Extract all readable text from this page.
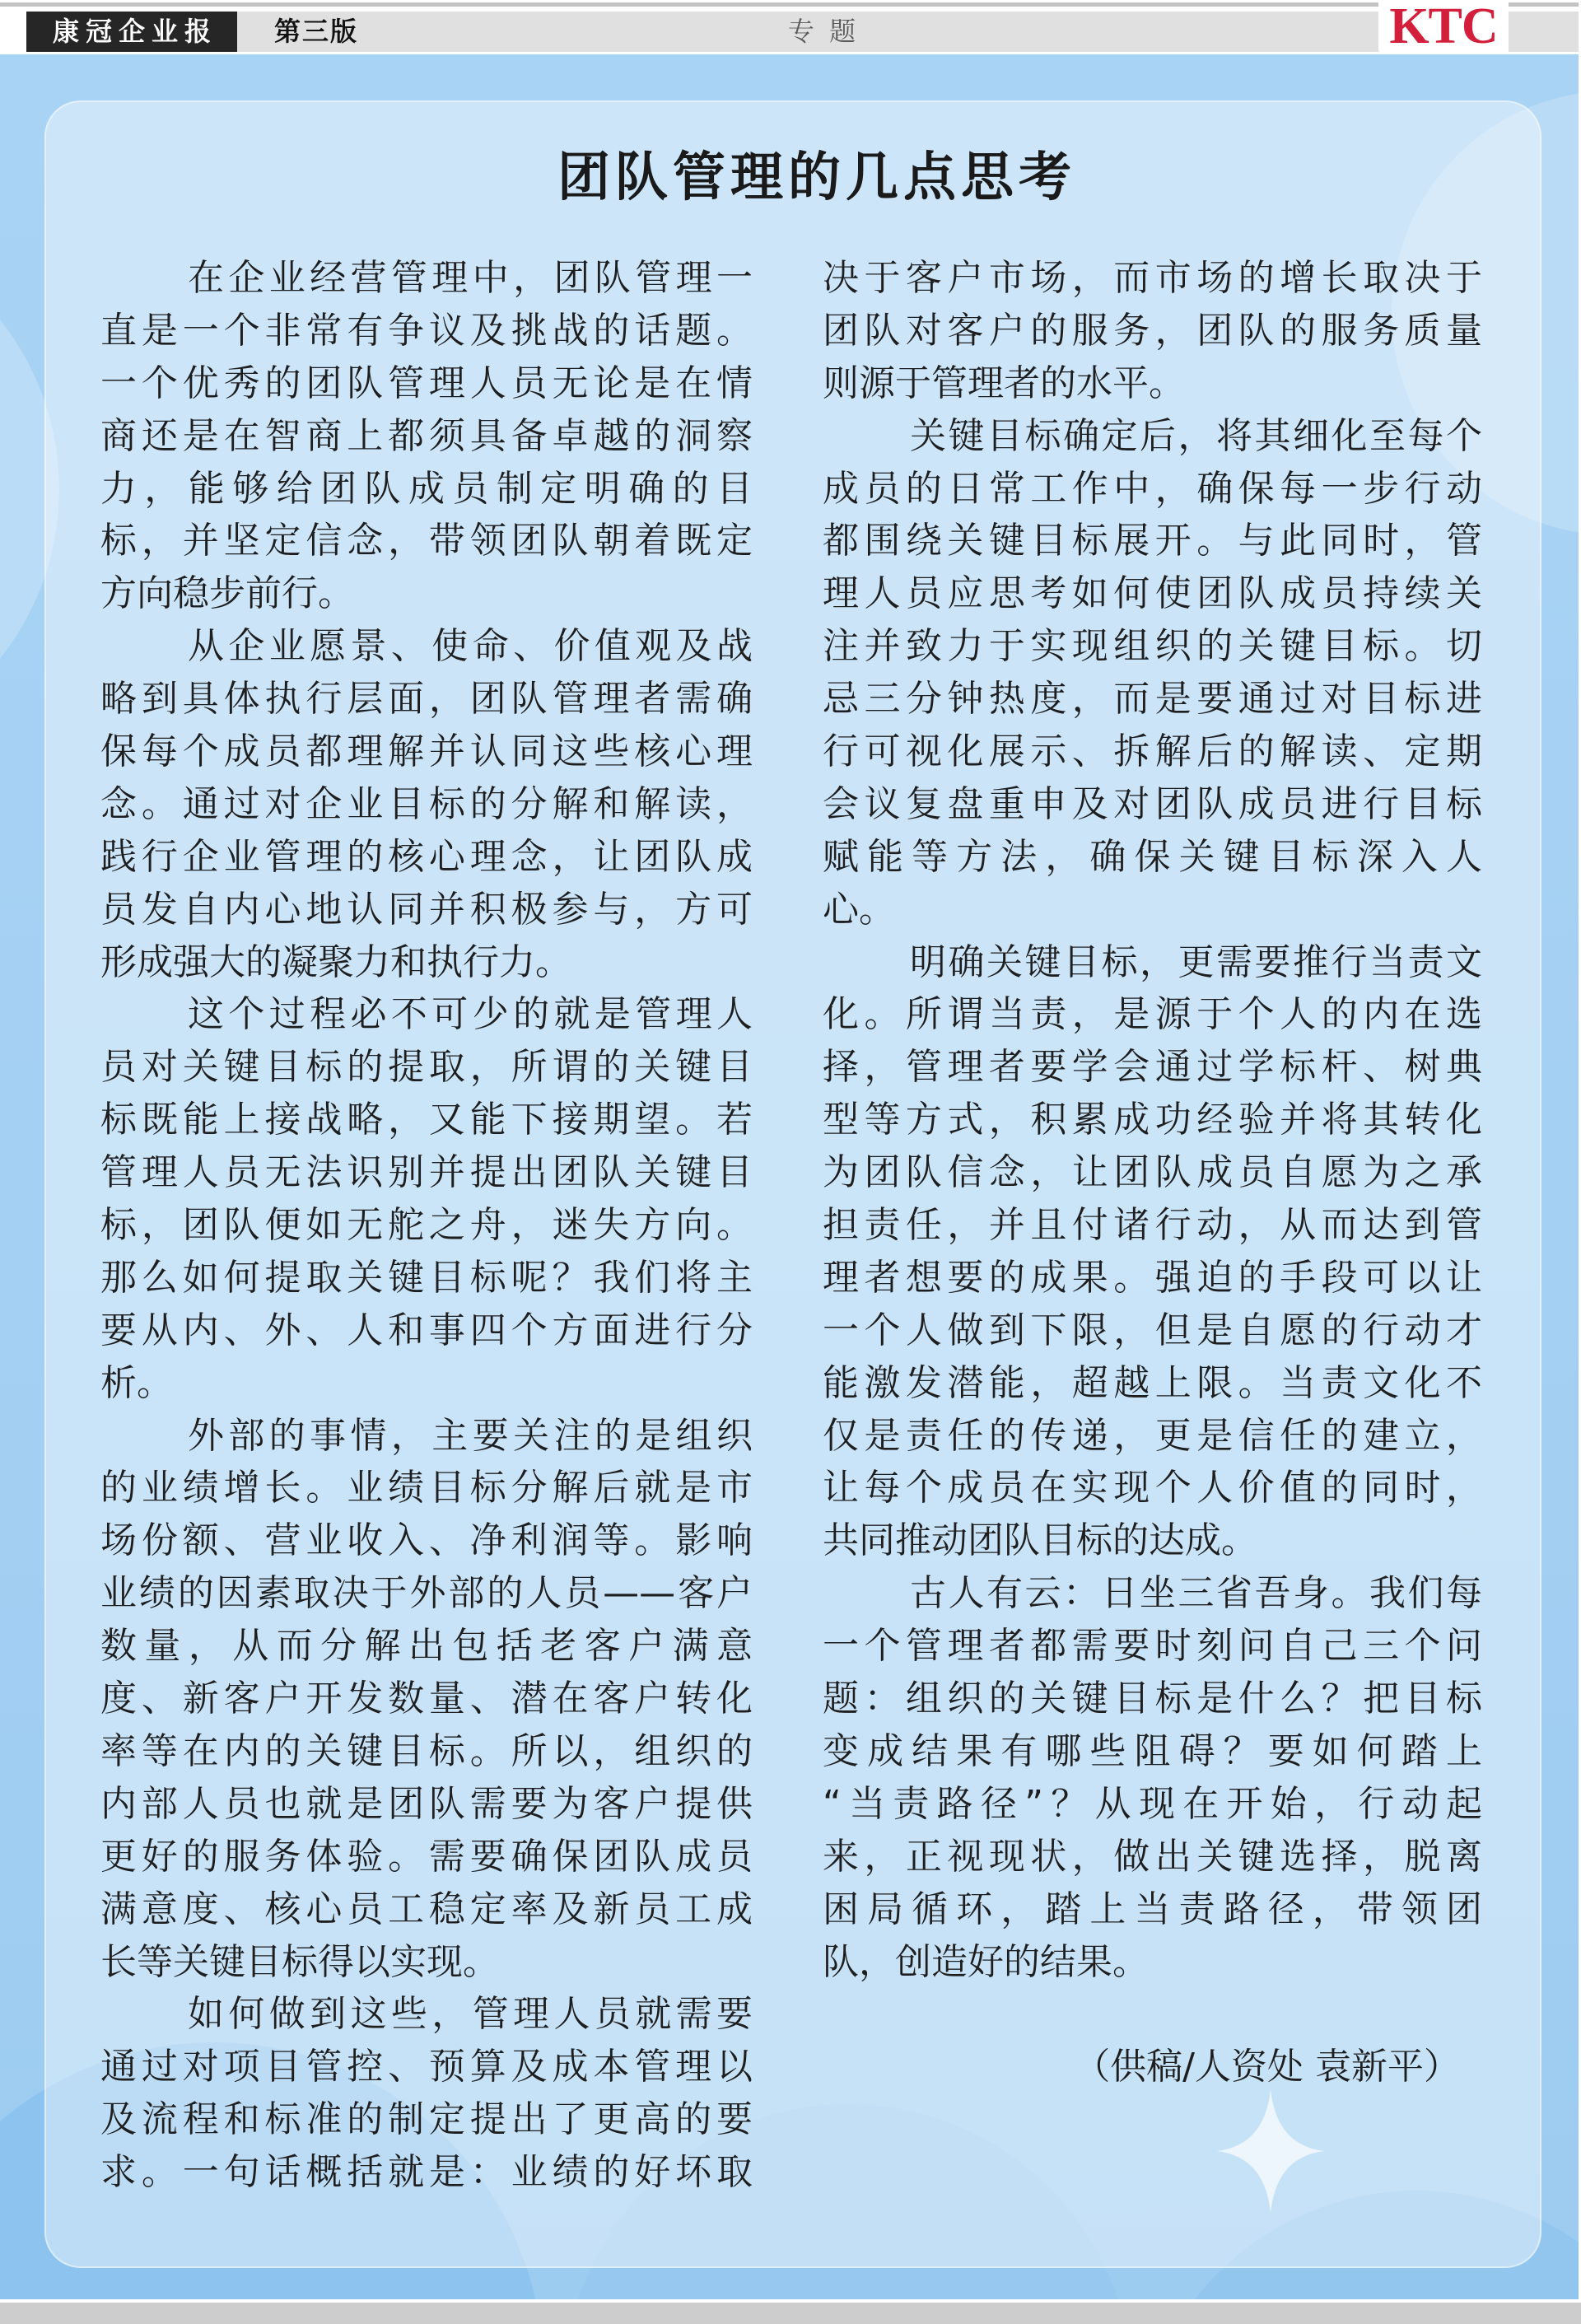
康冠企业报	第三版	专 题	KTC
团队管理的几点思考
在企业经营管理中，团队管理一
直是一个非常有争议及挑战的话题。
一个优秀的团队管理人员无论是在情
商还是在智商上都须具备卓越的洞察
力，能够给团队成员制定明确的目
标，并坚定信念，带领团队朝着既定
方向稳步前行。
从企业愿景、使命、价值观及战
略到具体执行层面，团队管理者需确
保每个成员都理解并认同这些核心理
念。通过对企业目标的分解和解读，
践行企业管理的核心理念，让团队成
员发自内心地认同并积极参与，方可
形成强大的凝聚力和执行力。
这个过程必不可少的就是管理人
员对关键目标的提取，所谓的关键目
标既能上接战略，又能下接期望。若
管理人员无法识别并提出团队关键目
标，团队便如无舵之舟，迷失方向。
那么如何提取关键目标呢？我们将主
要从内、外、人和事四个方面进行分
析。
外部的事情，主要关注的是组织
的业绩增长。业绩目标分解后就是市
场份额、营业收入、净利润等。影响
业绩的因素取决于外部的人员——客户
数量，从而分解出包括老客户满意
度、新客户开发数量、潜在客户转化
率等在内的关键目标。所以，组织的
内部人员也就是团队需要为客户提供
更好的服务体验。需要确保团队成员
满意度、核心员工稳定率及新员工成
长等关键目标得以实现。
如何做到这些，管理人员就需要
通过对项目管控、预算及成本管理以
及流程和标准的制定提出了更高的要
求。一句话概括就是：业绩的好坏取
决于客户市场，而市场的增长取决于
团队对客户的服务，团队的服务质量
则源于管理者的水平。
关键目标确定后，将其细化至每个
成员的日常工作中，确保每一步行动
都围绕关键目标展开。与此同时，管
理人员应思考如何使团队成员持续关
注并致力于实现组织的关键目标。切
忌三分钟热度，而是要通过对目标进
行可视化展示、拆解后的解读、定期
会议复盘重申及对团队成员进行目标
赋能等方法，确保关键目标深入人
心。
明确关键目标，更需要推行当责文
化。所谓当责，是源于个人的内在选
择，管理者要学会通过学标杆、树典
型等方式，积累成功经验并将其转化
为团队信念，让团队成员自愿为之承
担责任，并且付诸行动，从而达到管
理者想要的成果。强迫的手段可以让
一个人做到下限，但是自愿的行动才
能激发潜能，超越上限。当责文化不
仅是责任的传递，更是信任的建立，
让每个成员在实现个人价值的同时，
共同推动团队目标的达成。
古人有云：日坐三省吾身。我们每
一个管理者都需要时刻问自己三个问
题：组织的关键目标是什么？把目标
变成结果有哪些阻碍？要如何踏上
“当责路径”？从现在开始，行动起
来，正视现状，做出关键选择，脱离
困局循环，踏上当责路径，带领团
队，创造好的结果。
（供稿/人资处 袁新平）
